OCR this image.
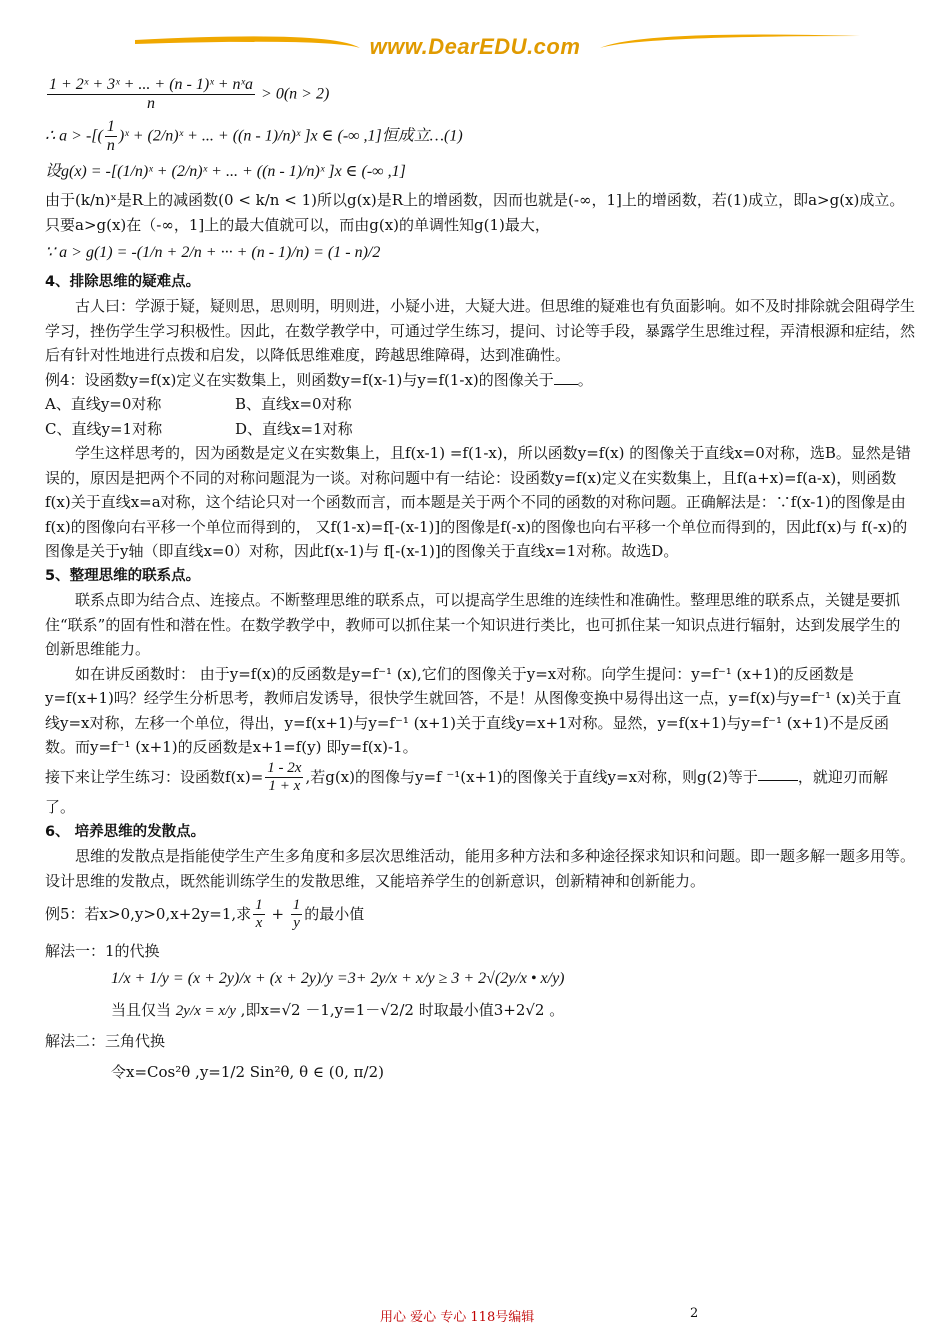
www.DearEDU.com
$\frac{\text{1 + 2ˣ + 3ˣ + ... + (n - 1)ˣ + nˣa}}{n} > 0(n > 2)$
∴ a > -[( $\frac{1}{n}$ )ˣ + (2/n)ˣ + ... + ((n - 1)/n)ˣ ]x ∈ (-∞ ,1]恒成立…(1)
设g(x) = -[(1/n)ˣ + (2/n)ˣ + ... + ((n - 1)/n)ˣ ]x ∈ (-∞ ,1]

由于(k/n)ˣ是R上的减函数(0 < k/n < 1)所以g(x)是R上的增函数，因而也就是(-∞，1]上的增函数，若(1)成立，即a>g(x)成立。只要a>g(x)在（-∞，1]上的最大值就可以，而由g(x)的单调性知g(1)最大，

∵ a > g(1) = -(1/n + 2/n + ··· + (n - 1)/n) = (1 - n)/2

4、排除思维的疑难点。

古人曰：学源于疑，疑则思，思则明，明则进，小疑小进，大疑大进。但思维的疑难也有负面影响。如不及时排除就会阻碍学生学习，挫伤学生学习积极性。因此，在数学教学中，可通过学生练习，提问、讨论等手段，暴露学生思维过程，弄清根源和症结，然后有针对性地进行点拨和启发，以降低思维难度，跨越思维障碍，达到准确性。

例4：设函数y=f(x)定义在实数集上，则函数y=f(x-1)与y=f(1-x)的图像关于 。

A、直线y=0对称	B、直线x=0对称
C、直线y=1对称	D、直线x=1对称

学生这样思考的，因为函数是定义在实数集上，且f(x-1) =f(1-x)，所以函数y=f(x) 的图像关于直线x=0对称，选B。显然是错误的，原因是把两个不同的对称问题混为一谈。对称问题中有一结论：设函数y=f(x)定义在实数集上，且f(a+x)=f(a-x)，则函数f(x)关于直线x=a对称，这个结论只对一个函数而言，而本题是关于两个不同的函数的对称问题。正确解法是：∵f(x-1)的图像是由f(x)的图像向右平移一个单位而得到的， 又f(1-x)=f[-(x-1)]的图像是f(-x)的图像也向右平移一个单位而得到的，因此f(x)与 f(-x)的图像是关于y轴（即直线x=0）对称，因此f(x-1)与 f[-(x-1)]的图像关于直线x=1对称。故选D。

5、整理思维的联系点。

联系点即为结合点、连接点。不断整理思维的联系点，可以提高学生思维的连续性和准确性。整理思维的联系点，关键是要抓住“联系”的固有性和潜在性。在数学教学中，教师可以抓住某一个知识进行类比，也可抓住某一知识点进行辐射，达到发展学生的创新思维能力。

如在讲反函数时： 由于y=f(x)的反函数是y=f⁻¹ (x),它们的图像关于y=x对称。向学生提问：y=f⁻¹ (x+1)的反函数是y=f(x+1)吗？经学生分析思考，教师启发诱导，很快学生就回答，不是！从图像变换中易得出这一点，y=f(x)与y=f⁻¹ (x)关于直线y=x对称，左移一个单位，得出，y=f(x+1)与y=f⁻¹ (x+1)关于直线y=x+1对称。显然，y=f(x+1)与y=f⁻¹ (x+1)不是反函数。而y=f⁻¹ (x+1)的反函数是x+1=f(y) 即y=f(x)-1。

接下来让学生练习：设函数$f(x)= \frac{1 - 2x}{1 + x}$ ,若g(x)的图像与y=f ⁻¹(x+1)的图像关于直线y=x对称，则g(2)等于	，就迎刃而解了。

6、 培养思维的发散点。

思维的发散点是指能使学生产生多角度和多层次思维活动，能用多种方法和多种途径探求知识和问题。即一题多解一题多用等。设计思维的发散点，既然能训练学生的发散思维，又能培养学生的创新意识，创新精神和创新能力。

例5：若x>0,y>0,x+2y=1,求 $\frac{1}{x} + \frac{1}{y}$ 的最小值

解法一：1的代换

1/x + 1/y = (x + 2y)/x + (x + 2y)/y =3+ 2y/x + x/y ≥ 3 + 2√(2y/x • x/y)

当且仅当 2y/x = x/y ,即x=√2 －1,y=1－√2/2 时取最小值3+2√2 。

解法二：三角代换

令x=Cos²θ ,y=1/2 Sin²θ, θ ∈ (0, π/2)

用心 爱心 专心 118号编辑	2
